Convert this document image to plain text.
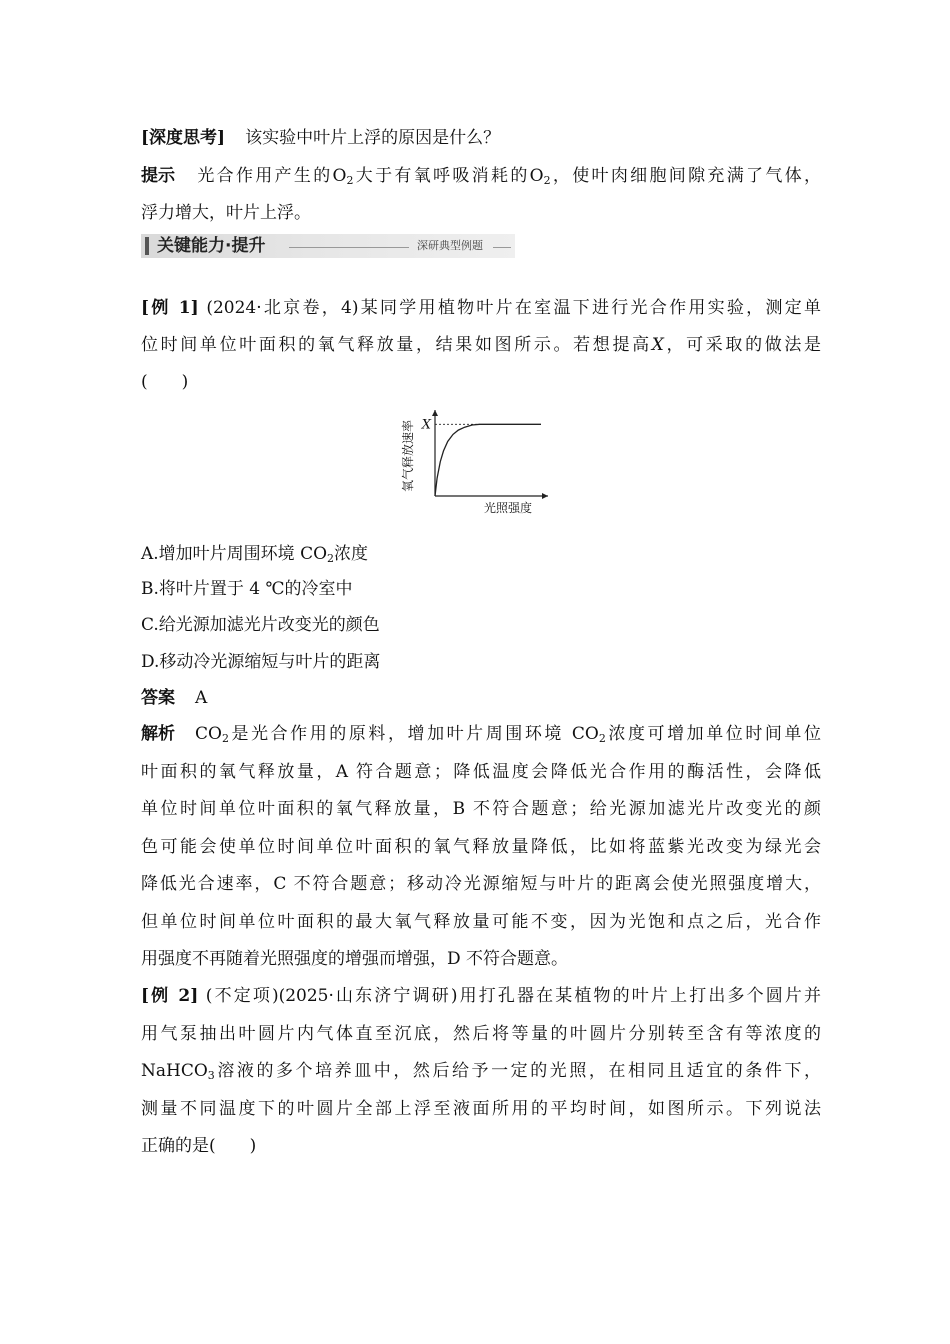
[深度思考] 该实验中叶片上浮的原因是什么？
提示 光合作用产生的$O_2$大于有氧呼吸消耗的$O_2$，使叶肉细胞间隙充满了气体，
浮力增大，叶片上浮。
关键能力·提升	深研典型例题
[例 1] (2024·北京卷，4)某同学用植物叶片在室温下进行光合作用实验，测定单
位时间单位叶面积的氧气释放量，结果如图所示。若想提高X，可采取的做法是
(　　)
A.增加叶片周围环境 $CO_2$浓度
B.将叶片置于 4 ℃的冷室中
C.给光源加滤光片改变光的颜色
D.移动冷光源缩短与叶片的距离
答案 A
解析 $CO_2$是光合作用的原料，增加叶片周围环境 $CO_2$浓度可增加单位时间单位
叶面积的氧气释放量，A 符合题意；降低温度会降低光合作用的酶活性，会降低
单位时间单位叶面积的氧气释放量，B 不符合题意；给光源加滤光片改变光的颜
色可能会使单位时间单位叶面积的氧气释放量降低，比如将蓝紫光改变为绿光会
降低光合速率，C 不符合题意；移动冷光源缩短与叶片的距离会使光照强度增大，
但单位时间单位叶面积的最大氧气释放量可能不变，因为光饱和点之后，光合作
用强度不再随着光照强度的增强而增强，D 不符合题意。
[例 2] (不定项)(2025·山东济宁调研)用打孔器在某植物的叶片上打出多个圆片并
用气泵抽出叶圆片内气体直至沉底，然后将等量的叶圆片分别转至含有等浓度的
NaHCO$_3$溶液的多个培养皿中，然后给予一定的光照，在相同且适宜的条件下，
测量不同温度下的叶圆片全部上浮至液面所用的平均时间，如图所示。下列说法
正确的是(　　)
X
光照强度
氧气释放速率
